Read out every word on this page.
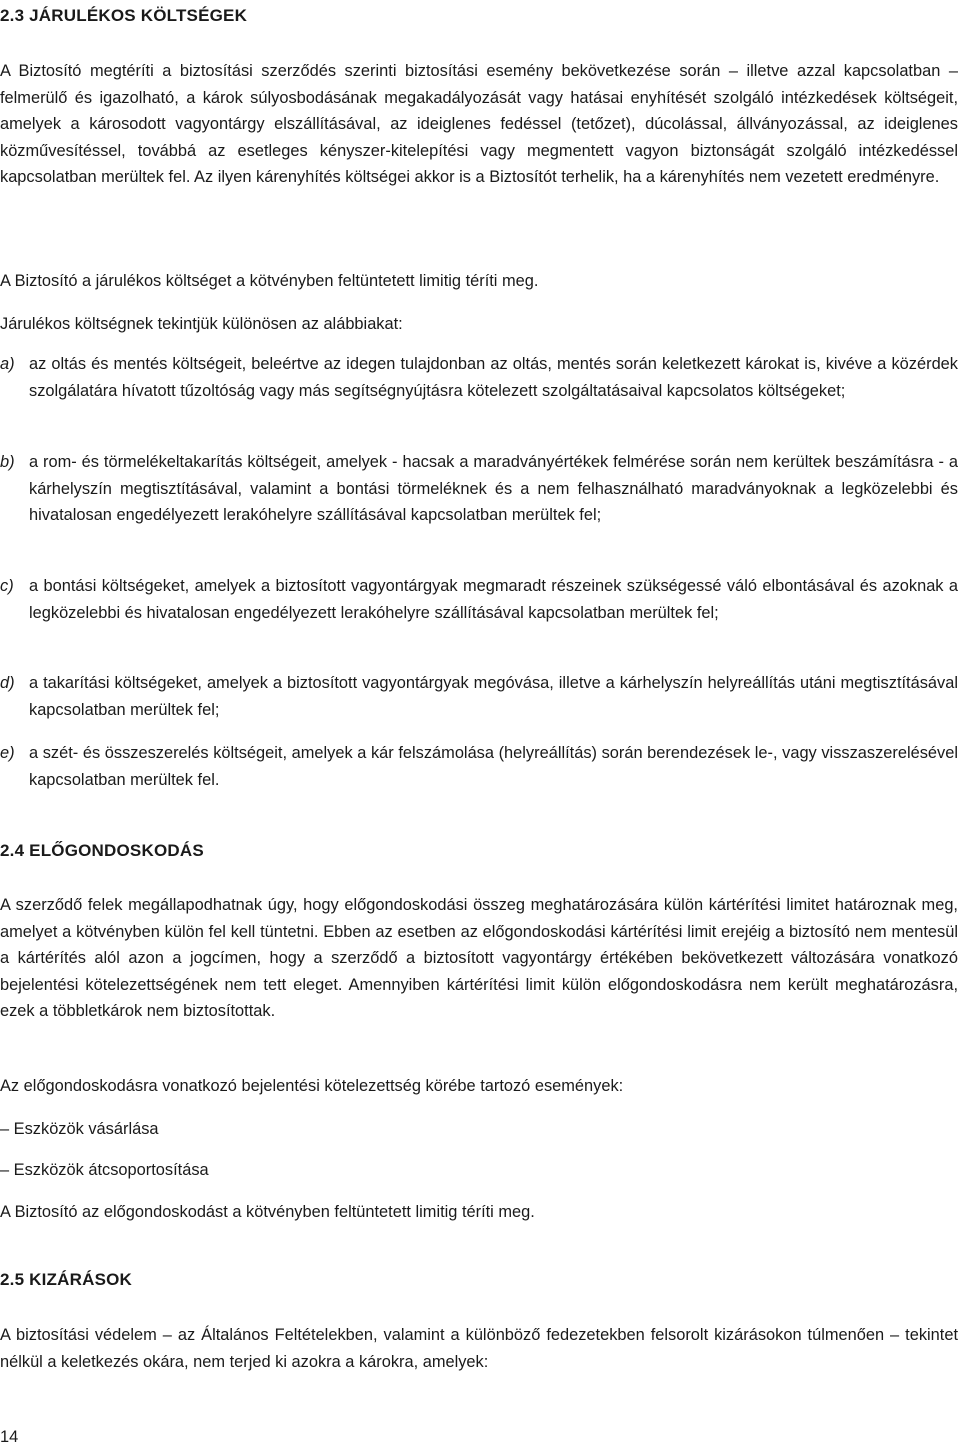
2.3 JÁRULÉKOS KÖLTSÉGEK

A Biztosító megtéríti a biztosítási szerződés szerinti biztosítási esemény bekövetkezése során – illetve azzal kapcsolatban – felmerülő és igazolható, a károk súlyosbodásának megakadályozását vagy hatásai enyhítését szolgáló intézkedések költségeit, amelyek a károsodott vagyontárgy elszállításával, az ideiglenes fedéssel (tetőzet), dúcolással, állványozással, az ideiglenes közművesítéssel, továbbá az esetleges kényszer-kitelepítési vagy megmentett vagyon biztonságát szolgáló intézkedéssel kapcsolatban merültek fel. Az ilyen kárenyhítés költségei akkor is a Biztosítót terhelik, ha a kárenyhítés nem vezetett eredményre.

A Biztosító a járulékos költséget a kötvényben feltüntetett limitig téríti meg.

Járulékos költségnek tekintjük különösen az alábbiakat:

a) az oltás és mentés költségeit, beleértve az idegen tulajdonban az oltás, mentés során keletkezett károkat is, kivéve a közérdek szolgálatára hívatott tűzoltóság vagy más segítségnyújtásra kötelezett szolgáltatásaival kapcsolatos költségeket;
b) a rom- és törmelékeltakarítás költségeit, amelyek - hacsak a maradványértékek felmérése során nem kerültek beszámításra - a kárhelyszín megtisztításával, valamint a bontási törmeléknek és a nem felhasználható maradványoknak a legközelebbi és hivatalosan engedélyezett lerakóhelyre szállításával kapcsolatban merültek fel;
c) a bontási költségeket, amelyek a biztosított vagyontárgyak megmaradt részeinek szükségessé váló elbontásával és azoknak a legközelebbi és hivatalosan engedélyezett lerakóhelyre szállításával kapcsolatban merültek fel;
d) a takarítási költségeket, amelyek a biztosított vagyontárgyak megóvása, illetve a kárhelyszín helyreállítás utáni megtisztításával kapcsolatban merültek fel;
e) a szét- és összeszerelés költségeit, amelyek a kár felszámolása (helyreállítás) során berendezések le-, vagy visszaszerelésével kapcsolatban merültek fel.
2.4 ELŐGONDOSKODÁS

A szerződő felek megállapodhatnak úgy, hogy előgondoskodási összeg meghatározására külön kártérítési limitet határoznak meg, amelyet a kötvényben külön fel kell tüntetni. Ebben az esetben az előgondoskodási kártérítési limit erejéig a biztosító nem mentesül a kártérítés alól azon a jogcímen, hogy a szerződő a biztosított vagyontárgy értékében bekövetkezett változására vonatkozó bejelentési kötelezettségének nem tett eleget. Amennyiben kártérítési limit külön előgondoskodásra nem került meghatározásra, ezek a többletkárok nem biztosítottak.

Az előgondoskodásra vonatkozó bejelentési kötelezettség körébe tartozó események:

– Eszközök vásárlása

– Eszközök átcsoportosítása

A Biztosító az előgondoskodást a kötvényben feltüntetett limitig téríti meg.

2.5 KIZÁRÁSOK

A biztosítási védelem – az Általános Feltételekben, valamint a különböző fedezetekben felsorolt kizárásokon túlmenően – tekintet nélkül a keletkezés okára, nem terjed ki azokra a károkra, amelyek:

14
